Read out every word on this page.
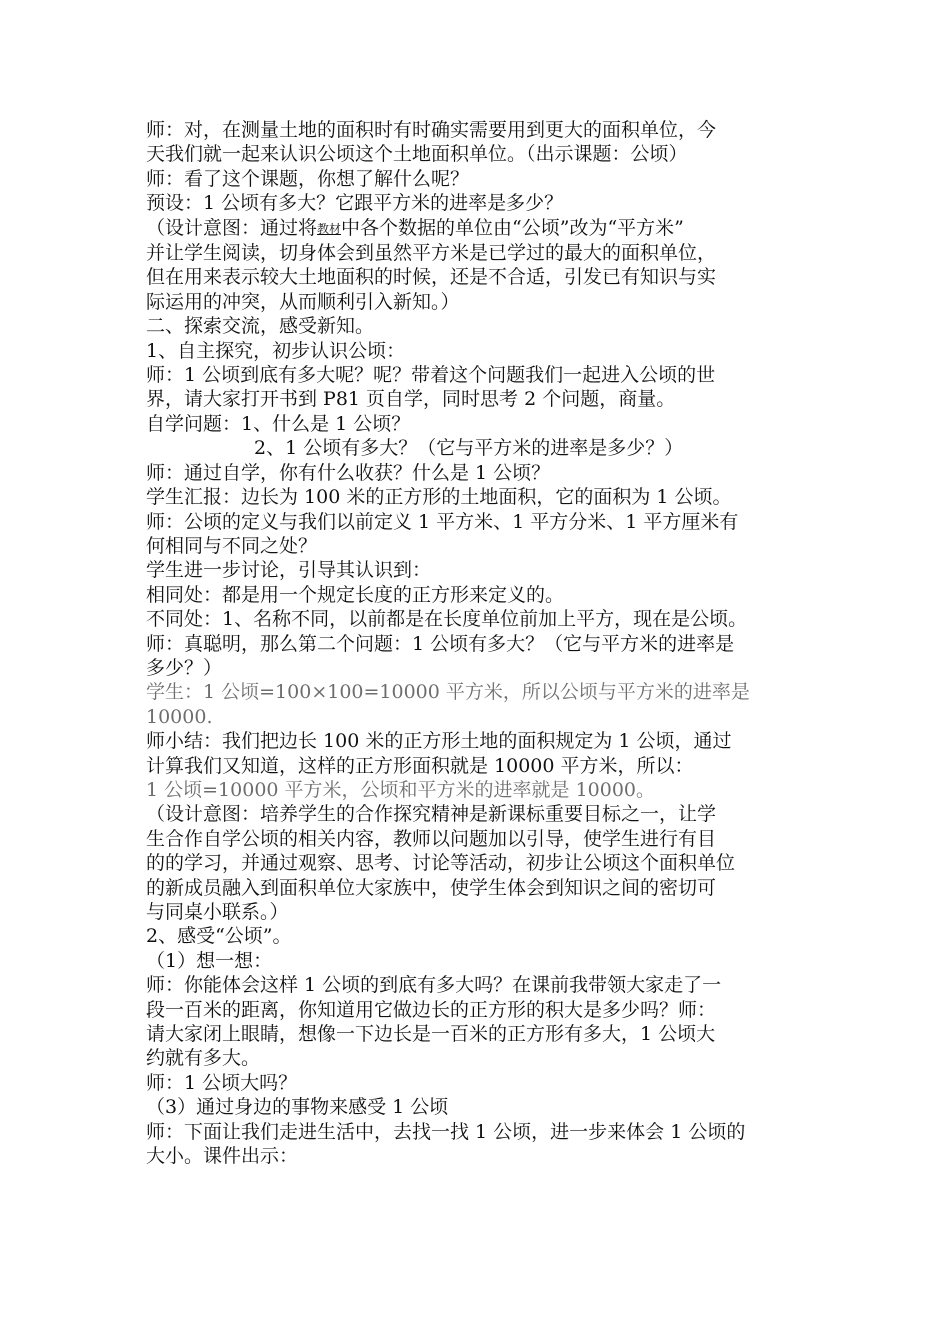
师：对，在测量土地的面积时有时确实需要用到更大的面积单位，今
天我们就一起来认识公顷这个土地面积单位。（出示课题：公顷）
师：看了这个课题，你想了解什么呢？
预设：1 公顷有多大？它跟平方米的进率是多少？
（设计意图：通过将教材中各个数据的单位由“公顷”改为“平方米”
并让学生阅读，切身体会到虽然平方米是已学过的最大的面积单位，
但在用来表示较大土地面积的时候，还是不合适，引发已有知识与实
际运用的冲突，从而顺利引入新知。）
二、探索交流，感受新知。
1、自主探究，初步认识公顷：
师：1 公顷到底有多大呢？呢？带着这个问题我们一起进入公顷的世
界，请大家打开书到 P81 页自学，同时思考 2 个问题，商量。
自学问题：1、什么是 1 公顷？
2、1 公顷有多大？（它与平方米的进率是多少？）
师：通过自学，你有什么收获？什么是 1 公顷？
学生汇报：边长为 100 米的正方形的土地面积，它的面积为 1 公顷。
师：公顷的定义与我们以前定义 1 平方米、1 平方分米、1 平方厘米有
何相同与不同之处？
学生进一步讨论，引导其认识到：
相同处：都是用一个规定长度的正方形来定义的。
不同处：1、名称不同，以前都是在长度单位前加上平方，现在是公顷。
师：真聪明，那么第二个问题：1 公顷有多大？（它与平方米的进率是
多少？）
学生：1 公顷=100×100=10000 平方米，所以公顷与平方米的进率是
10000.
师小结：我们把边长 100 米的正方形土地的面积规定为 1 公顷，通过
计算我们又知道，这样的正方形面积就是 10000 平方米，所以：
1 公顷=10000 平方米，公顷和平方米的进率就是 10000。
（设计意图：培养学生的合作探究精神是新课标重要目标之一，让学
生合作自学公顷的相关内容，教师以问题加以引导，使学生进行有目
的的学习，并通过观察、思考、讨论等活动，初步让公顷这个面积单位
的新成员融入到面积单位大家族中，使学生体会到知识之间的密切可
与同桌小联系。）
2、感受“公顷”。
（1）想一想：
师：你能体会这样 1 公顷的到底有多大吗？在课前我带领大家走了一
段一百米的距离，你知道用它做边长的正方形的积大是多少吗？师：
请大家闭上眼睛，想像一下边长是一百米的正方形有多大，1 公顷大
约就有多大。
师：1 公顷大吗？
（3）通过身边的事物来感受 1 公顷
师：下面让我们走进生活中，去找一找 1 公顷，进一步来体会 1 公顷的
大小。课件出示：
